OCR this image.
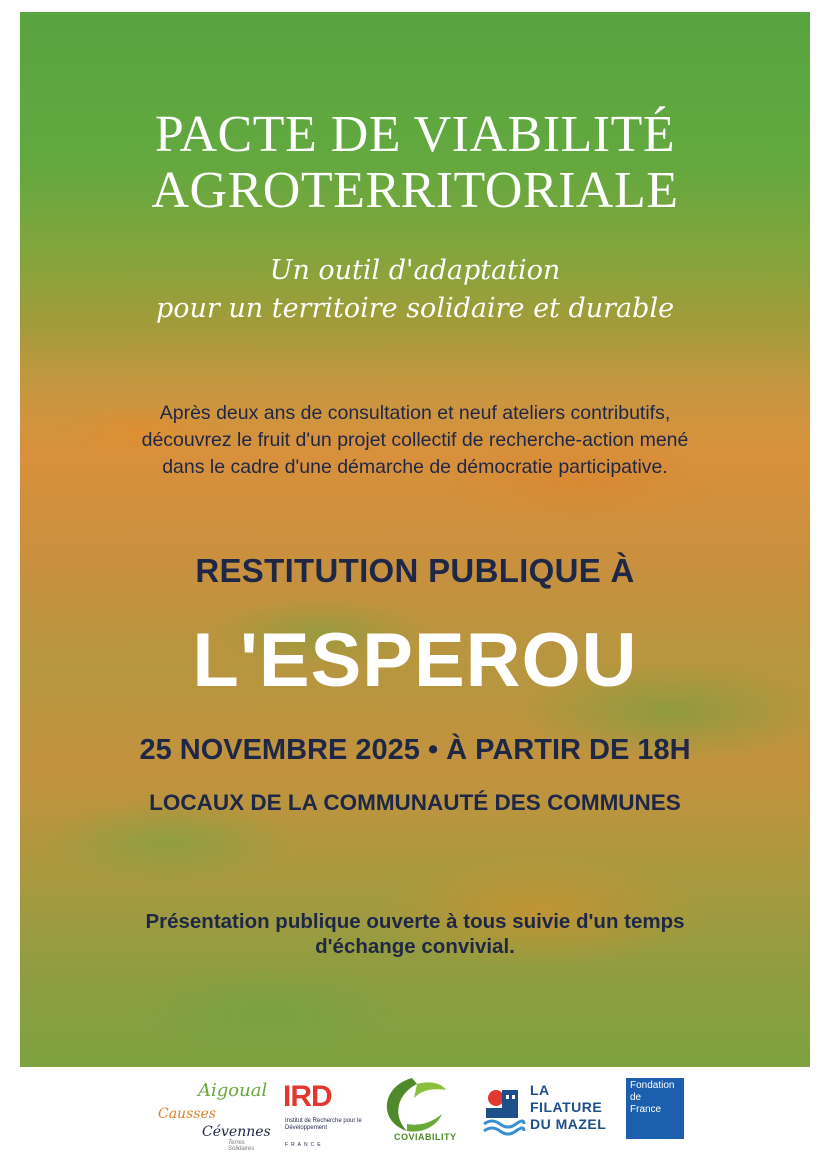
PACTE DE VIABILITÉ
AGROTERRITORIALE
Un outil d'adaptation
pour un territoire solidaire et durable
Après deux ans de consultation et neuf ateliers contributifs,
découvrez le fruit d'un projet collectif de recherche-action mené
dans le cadre d'une démarche de démocratie participative.
RESTITUTION PUBLIQUE À
L'ESPEROU
25 NOVEMBRE 2025 • À PARTIR DE 18H
LOCAUX DE LA COMMUNAUTÉ DES COMMUNES
Présentation publique ouverte à tous suivie d'un temps
d'échange convivial.
Aigoual
Causses
Cévennes
Terres Solidaires
IRD
Institut de Recherche pour le Développement
FRANCE
COVIABILITY
LA
FILATURE
DU MAZEL
Fondation
de
France
